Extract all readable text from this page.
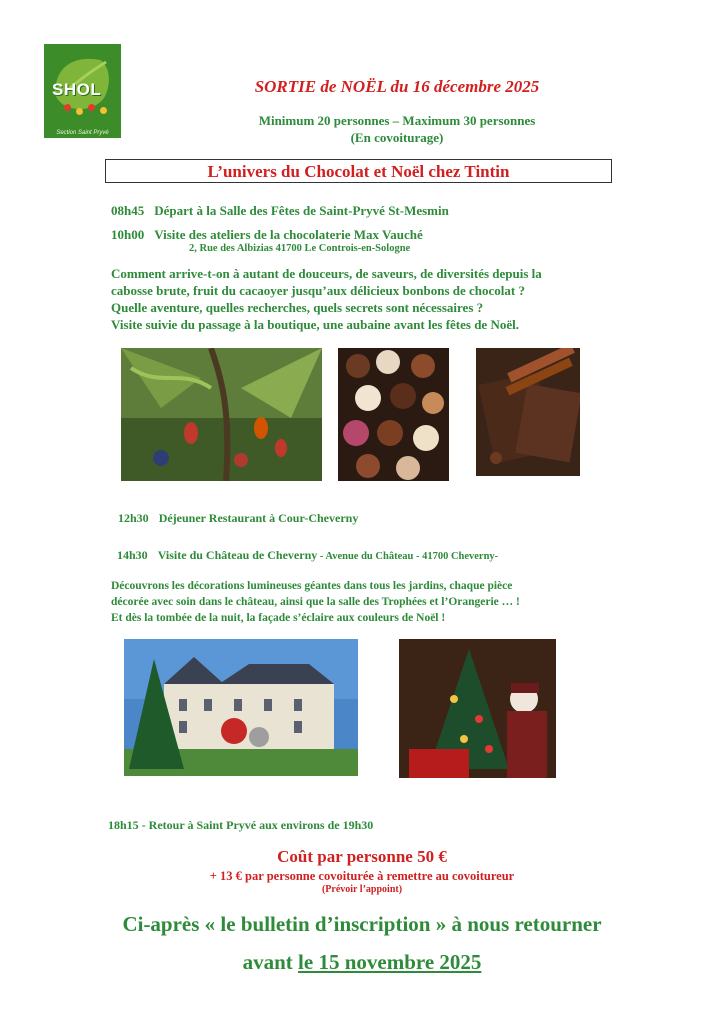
SHOL
Section Saint Pryvé
SORTIE de NOËL du 16 décembre 2025
Minimum 20 personnes – Maximum 30 personnes
(En covoiturage)
L’univers du Chocolat et Noël chez Tintin
08h45 Départ à la Salle des Fêtes de Saint-Pryvé St-Mesmin
10h00 Visite des ateliers de la chocolaterie Max Vauché
2, Rue des Albizias 41700 Le Controis-en-Sologne
Comment arrive-t-on à autant de douceurs, de saveurs, de diversités depuis la
cabosse brute, fruit du cacaoyer jusqu’aux délicieux bonbons de chocolat ?
Quelle aventure, quelles recherches, quels secrets sont nécessaires ?
Visite suivie du passage à la boutique, une aubaine avant les fêtes de Noël.
12h30 Déjeuner Restaurant à Cour-Cheverny
14h30 Visite du Château de Cheverny - Avenue du Château - 41700 Cheverny-
Découvrons les décorations lumineuses géantes dans tous les jardins, chaque pièce
décorée avec soin dans le château, ainsi que la salle des Trophées et l’Orangerie … !
Et dès la tombée de la nuit, la façade s’éclaire aux couleurs de Noël !
18h15 - Retour à Saint Pryvé aux environs de 19h30
Coût par personne 50 €
+ 13 € par personne covoiturée à remettre au covoitureur
(Prévoir l’appoint)
Ci-après « le bulletin d’inscription » à nous retourner
avant le 15 novembre 2025
